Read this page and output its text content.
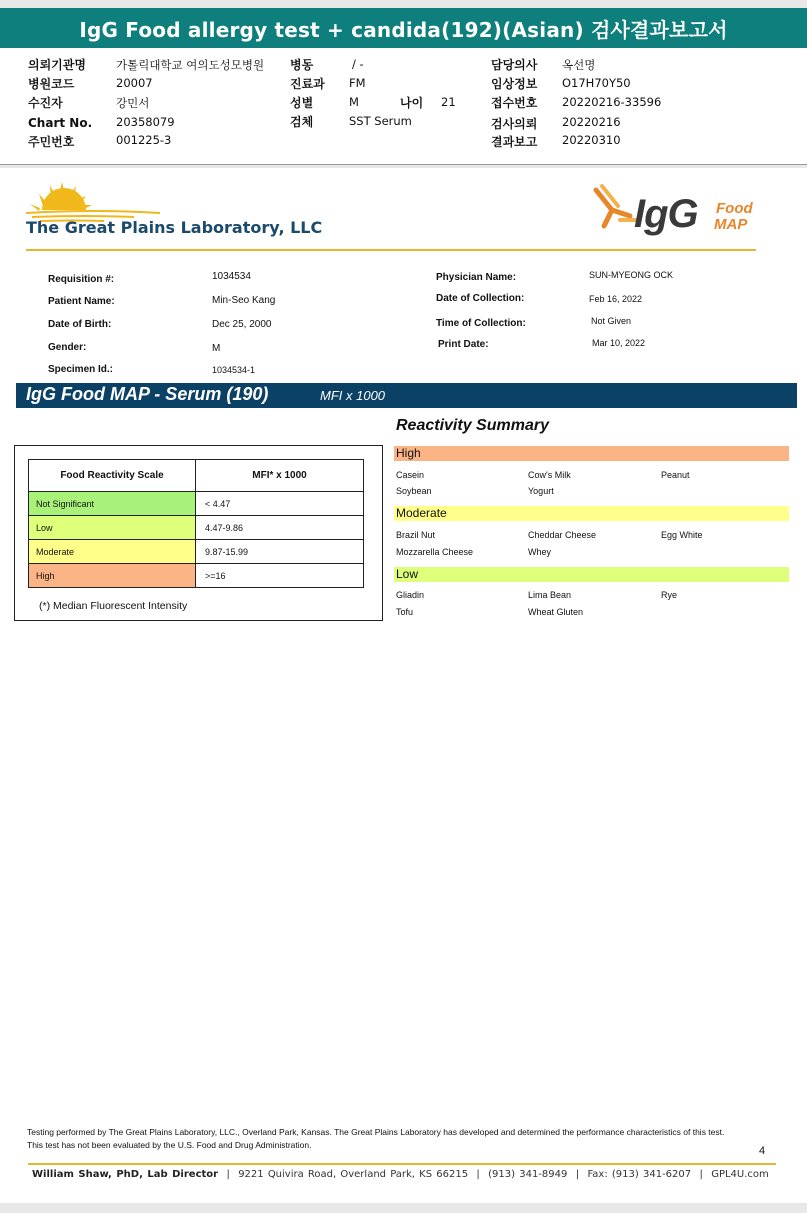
IgG Food allergy test + candida(192)(Asian) 검사결과보고서
의뢰기관명	가톨릭대학교 여의도성모병원
병원코드	20007
수진자	강민서
Chart No. 20358079
주민번호	001225-3
병동	/ -
진료과 FM
성별	M	나이 21
검체	SST Serum
담당의사 옥선명
임상정보 O17H70Y50
접수번호 20220216-33596
검사의뢰 20220216
결과보고 20220310
The Great Plains Laboratory, LLC	IgG Food
MAP
Requisition #:	1034534
Patient Name:	Min-Seo Kang
Date of Birth:	Dec 25, 2000
Gender:	M
Specimen Id.:	1034534-1
Physician Name:	SUN-MYEONG OCK
Date of Collection:	Feb 16, 2022
Time of Collection:	Not Given
Print Date:	Mar 10, 2022
IgG Food MAP - Serum (190)	MFI x 1000
Food Reactivity Scale	MFI* x 1000
Not Significant	< 4.47
Low	4.47-9.86
Moderate	9.87-15.99
High	>=16
(*) Median Fluorescent Intensity
Reactivity Summary
High
Casein	Cow's Milk	Peanut
Soybean	Yogurt
Moderate
Brazil Nut	Cheddar Cheese	Egg White
Mozzarella Cheese	Whey
Low
Gliadin	Lima Bean	Rye
Tofu	Wheat Gluten
Testing performed by The Great Plains Laboratory, LLC., Overland Park, Kansas. The Great Plains Laboratory has developed and determined the performance characteristics of this test. This test has not been evaluated by the U.S. Food and Drug Administration.	4
William Shaw, PhD, Lab Director  |  9221 Quivira Road, Overland Park, KS 66215  |  (913) 341-8949  |  Fax: (913) 341-6207  |  GPL4U.com
